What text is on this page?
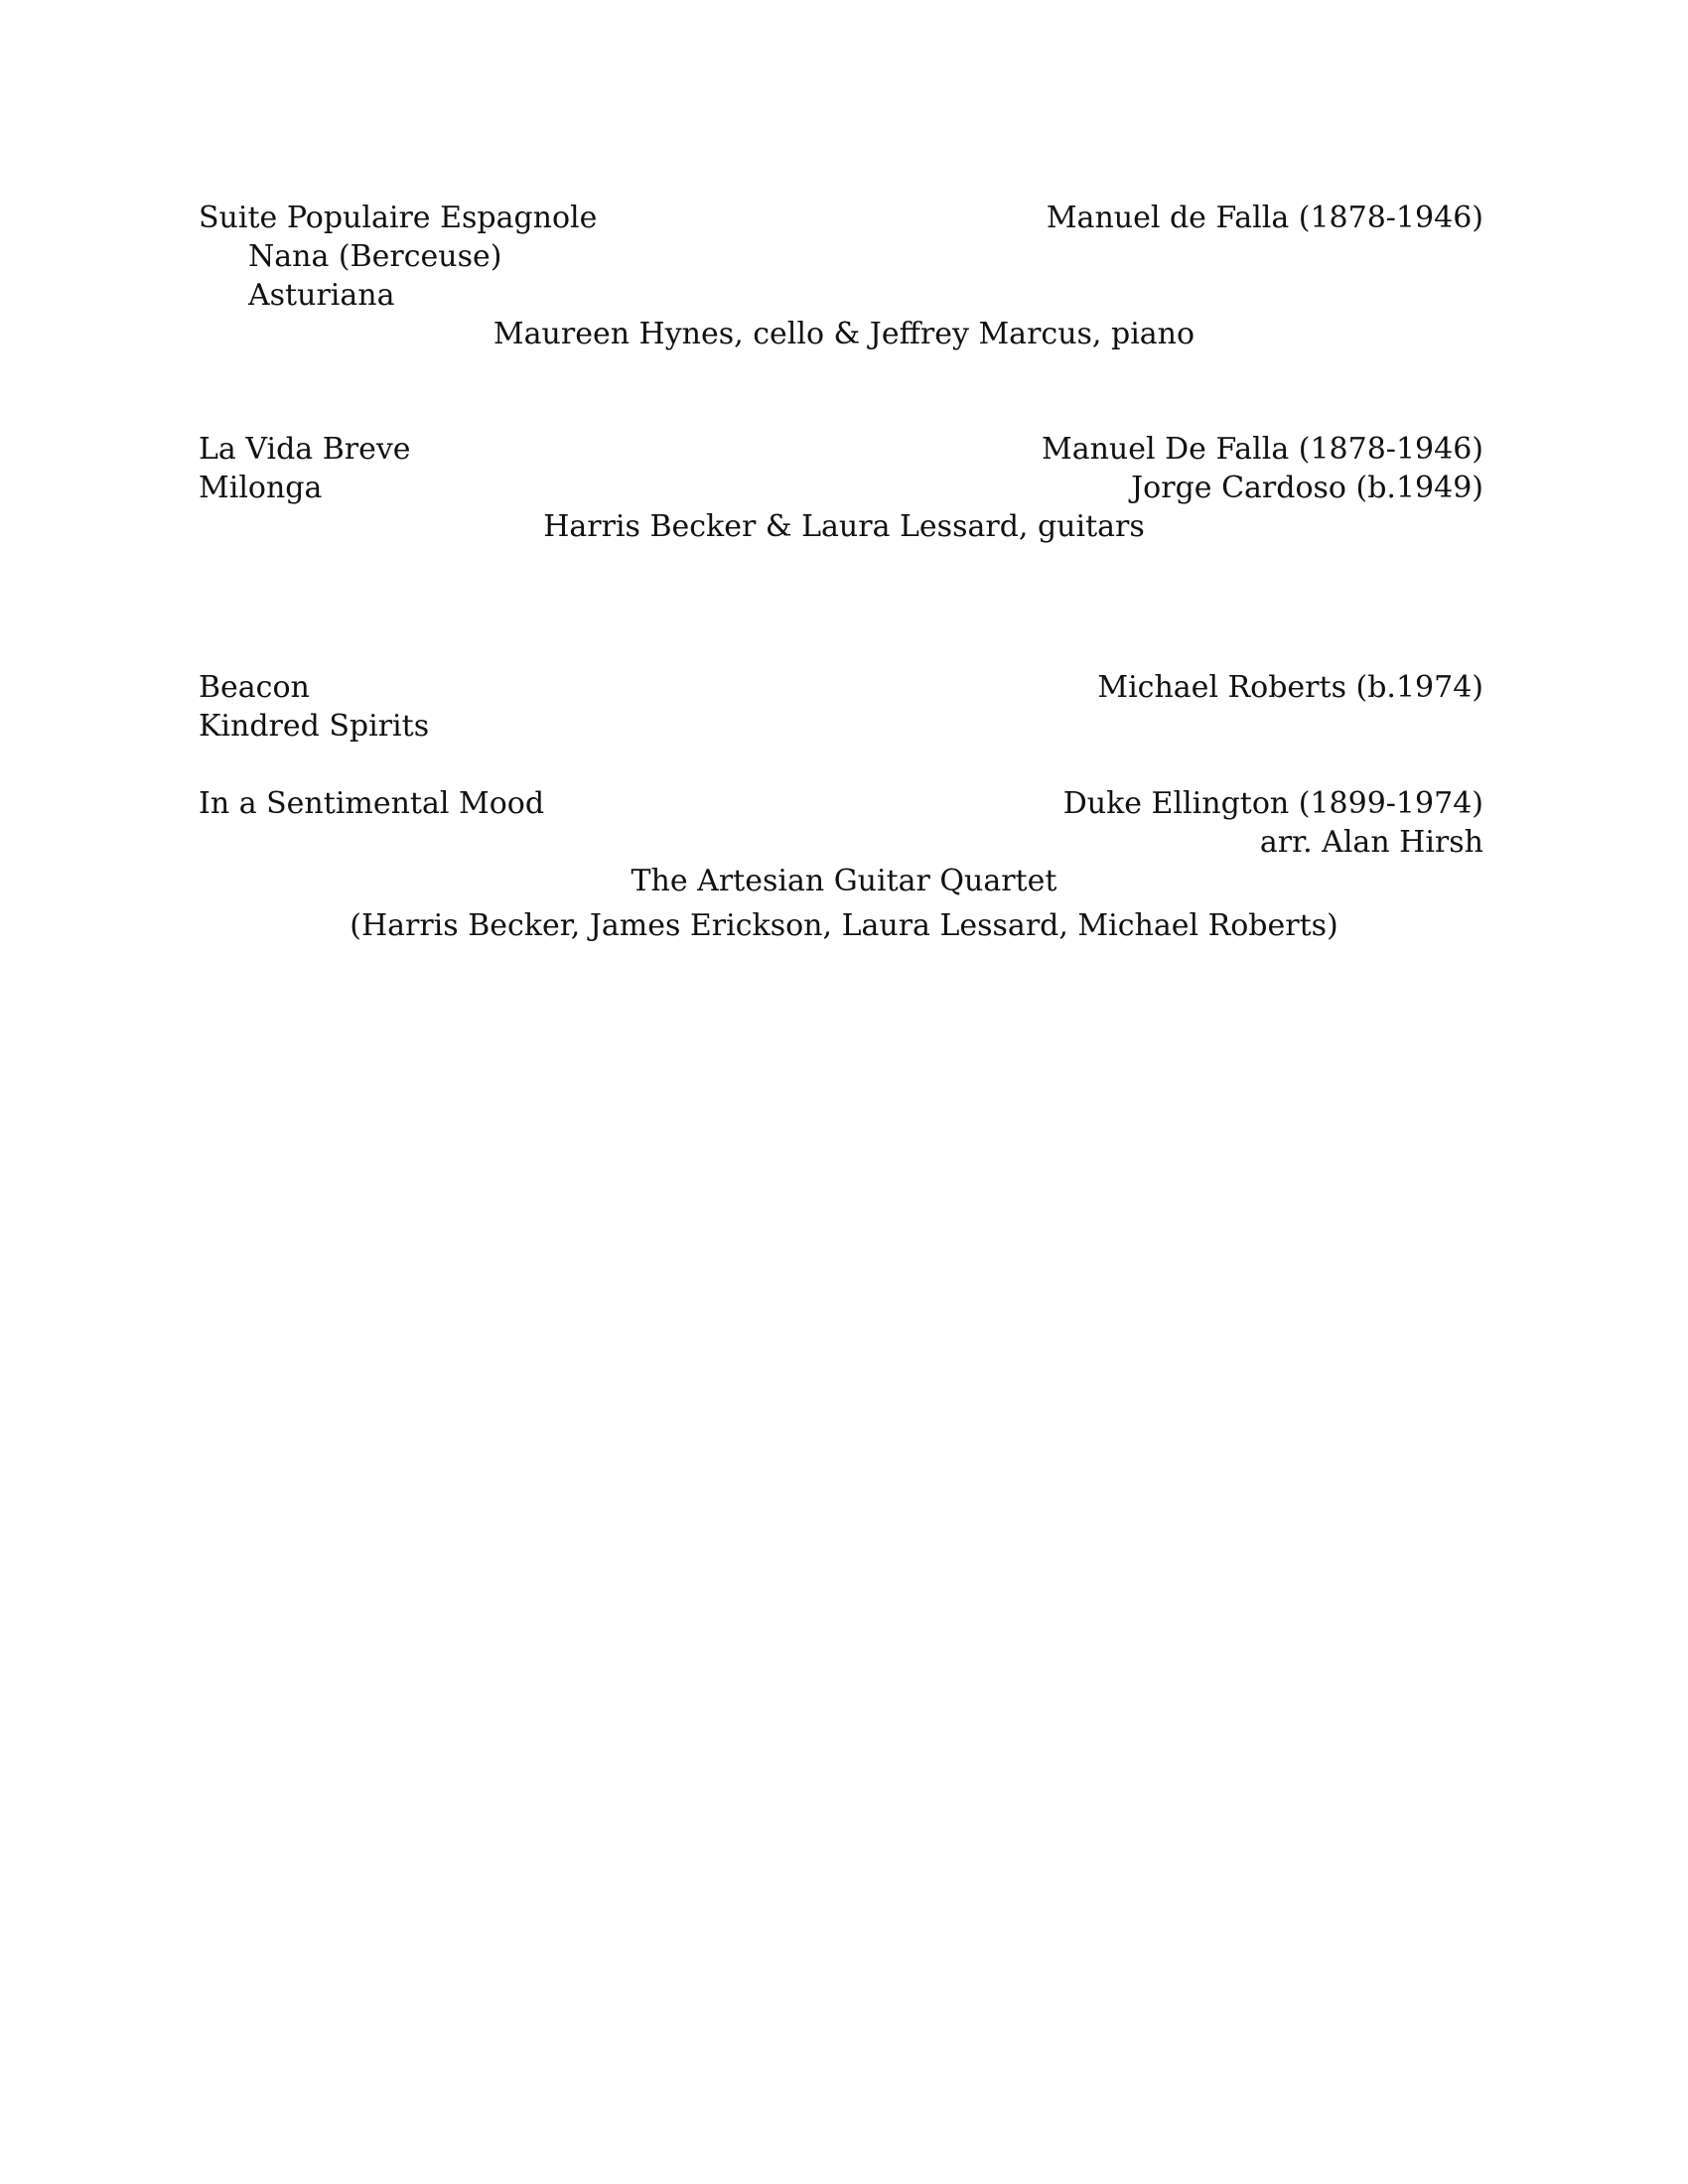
Suite Populaire Espagnole	Manuel de Falla (1878-1946)
Nana (Berceuse)
Asturiana
Maureen Hynes, cello & Jeffrey Marcus, piano
La Vida Breve	Manuel De Falla (1878-1946)
Milonga	Jorge Cardoso (b.1949)
Harris Becker & Laura Lessard, guitars
Beacon	Michael Roberts (b.1974)
Kindred Spirits
In a Sentimental Mood	Duke Ellington (1899-1974)
arr. Alan Hirsh
The Artesian Guitar Quartet
(Harris Becker, James Erickson, Laura Lessard, Michael Roberts)
